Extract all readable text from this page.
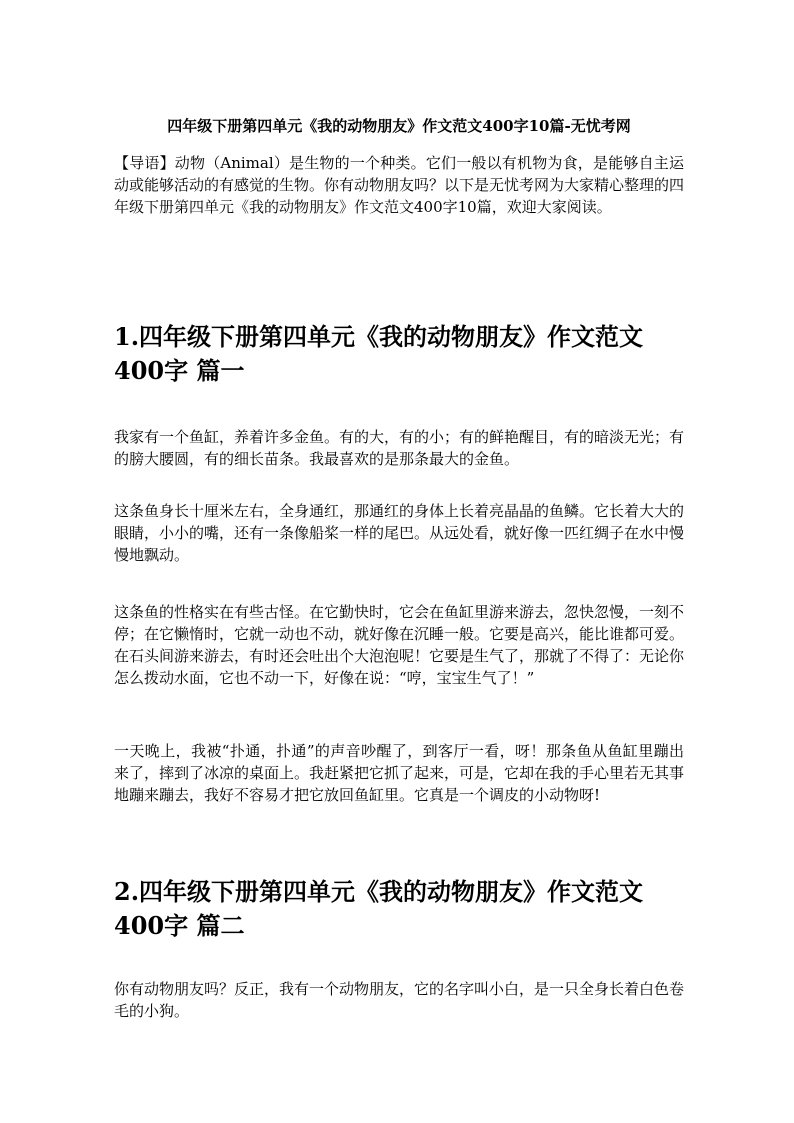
四年级下册第四单元《我的动物朋友》作文范文400字10篇-无忧考网
【导语】动物（Animal）是生物的一个种类。它们一般以有机物为食，是能够自主运动或能够活动的有感觉的生物。你有动物朋友吗？以下是无忧考网为大家精心整理的四年级下册第四单元《我的动物朋友》作文范文400字10篇，欢迎大家阅读。
1.四年级下册第四单元《我的动物朋友》作文范文400字 篇一
我家有一个鱼缸，养着许多金鱼。有的大，有的小；有的鲜艳醒目，有的暗淡无光；有的膀大腰圆，有的细长苗条。我最喜欢的是那条最大的金鱼。
这条鱼身长十厘米左右，全身通红，那通红的身体上长着亮晶晶的鱼鳞。它长着大大的眼睛，小小的嘴，还有一条像船桨一样的尾巴。从远处看，就好像一匹红绸子在水中慢慢地飘动。
这条鱼的性格实在有些古怪。在它勤快时，它会在鱼缸里游来游去，忽快忽慢，一刻不停；在它懒惰时，它就一动也不动，就好像在沉睡一般。它要是高兴，能比谁都可爱。在石头间游来游去，有时还会吐出个大泡泡呢！它要是生气了，那就了不得了：无论你怎么拨动水面，它也不动一下，好像在说：“哼，宝宝生气了！”
一天晚上，我被“扑通，扑通”的声音吵醒了，到客厅一看，呀！那条鱼从鱼缸里蹦出来了，摔到了冰凉的桌面上。我赶紧把它抓了起来，可是，它却在我的手心里若无其事地蹦来蹦去，我好不容易才把它放回鱼缸里。它真是一个调皮的小动物呀!
2.四年级下册第四单元《我的动物朋友》作文范文400字 篇二
你有动物朋友吗？反正，我有一个动物朋友，它的名字叫小白，是一只全身长着白色卷毛的小狗。
